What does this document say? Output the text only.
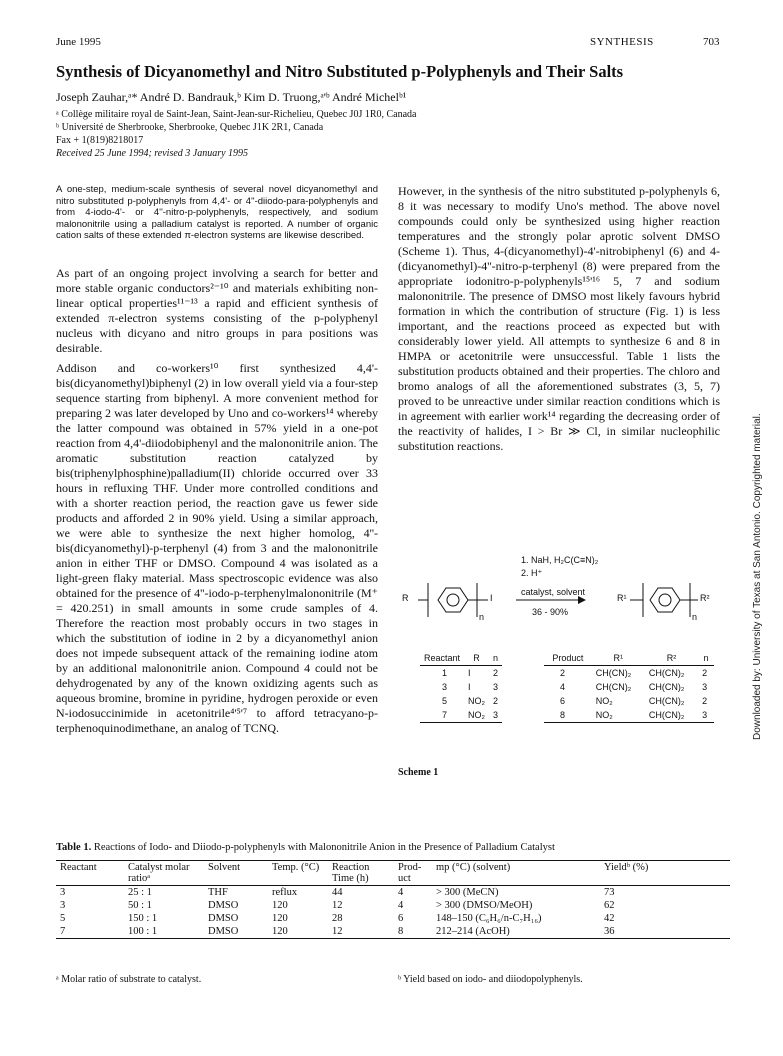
June 1995	SYNTHESIS	703
Synthesis of Dicyanomethyl and Nitro Substituted p-Polyphenyls and Their Salts
Joseph Zauhar,ᵃ* André D. Bandrauk,ᵇ Kim D. Truong,ᵃ'ᵇ André Michelᵇ¹
ᵃ Collège militaire royal de Saint-Jean, Saint-Jean-sur-Richelieu, Quebec J0J 1R0, Canada
ᵇ Université de Sherbrooke, Sherbrooke, Quebec J1K 2R1, Canada
Fax + 1(819)8218017
Received 25 June 1994; revised 3 January 1995
A one-step, medium-scale synthesis of several novel dicyanomethyl and nitro substituted p-polyphenyls from 4,4'- or 4''-diiodo-para-polyphenyls and from 4-iodo-4'- or 4''-nitro-p-polyphenyls, respectively, and sodium malononitrile using a palladium catalyst is reported. A number of organic cation salts of these extended π-electron systems are likewise described.

As part of an ongoing project involving a search for better and more stable organic conductors²⁻¹⁰ and materials exhibiting non-linear optical properties¹¹⁻¹³ a rapid and efficient synthesis of extended π-electron systems consisting of the p-polyphenyl nucleus with dicyano and nitro groups in para positions was desirable.

Addison and co-workers¹⁰ first synthesized 4,4'-bis(dicyanomethyl)biphenyl (2) in low overall yield via a four-step sequence starting from biphenyl. A more convenient method for preparing 2 was later developed by Uno and co-workers¹⁴ whereby the latter compound was obtained in 57% yield in a one-pot reaction from 4,4'-diiodobiphenyl and the malononitrile anion. The aromatic substitution reaction catalyzed by bis(triphenylphosphine)palladium(II) chloride occurred over 33 hours in refluxing THF. Under more controlled conditions and with a shorter reaction period, the reaction gave us fewer side products and afforded 2 in 90% yield. Using a similar approach, we were able to synthesize the next higher homolog, 4''-bis(dicyanomethyl)-p-terphenyl (4) from 3 and the malononitrile anion in either THF or DMSO. Compound 4 was isolated as a light-green flaky material. Mass spectroscopic evidence was also obtained for the presence of 4''-iodo-p-terphenylmalononitrile (M⁺ = 420.251) in small amounts in some crude samples of 4. Therefore the reaction most probably occurs in two stages in which the substitution of iodine in 2 by a dicyanomethyl anion does not impede subsequent attack of the remaining iodine atom by an additional malononitrile anion. Compound 4 could not be dehydrogenated by any of the known oxidizing agents such as aqueous bromine, bromine in pyridine, hydrogen peroxide or even N-iodosuccinimide in acetonitrile⁴'⁵'⁷ to afford tetracyano-p-terphenoquinodimethane, an analog of TCNQ.

However, in the synthesis of the nitro substituted p-polyphenyls 6, 8 it was necessary to modify Uno's method. The above novel compounds could only be synthesized using higher reaction temperatures and the strongly polar aprotic solvent DMSO (Scheme 1). Thus, 4-(dicyanomethyl)-4'-nitrobiphenyl (6) and 4-(dicyanomethyl)-4''-nitro-p-terphenyl (8) were prepared from the appropriate iodonitro-p-polyphenyls¹⁵'¹⁶ 5, 7 and sodium malononitrile. The presence of DMSO most likely favours hybrid formation in which the contribution of structure (Fig. 1) is less important, and the reactions proceed as expected but with considerably lower yield. All attempts to synthesize 6 and 8 in HMPA or acetonitrile were unsuccessful. Table 1 lists the substitution products obtained and their properties. The chloro and bromo analogs of all the aforementioned substrates (3, 5, 7) proved to be unreactive under similar reaction conditions which is in agreement with earlier work¹⁴ regarding the decreasing order of the reactivity of halides, I > Br ≫ Cl, in similar nucleophilic substitution reactions.

R	I
n
R¹	R²
n
1. NaH, H₂C(C≡N)₂
2. H⁺
catalyst, solvent
36 - 90%
Reactant	R	n
1	I	2
3	I	3
5	NO₂	2
7	NO₂	3
Product	R¹	R²	n
2	CH(CN)₂	CH(CN)₂	2
4	CH(CN)₂	CH(CN)₂	3
6	NO₂	CH(CN)₂	2
8	NO₂	CH(CN)₂	3
Scheme 1
Table 1. Reactions of Iodo- and Diiodo-p-polyphenyls with Malononitrile Anion in the Presence of Palladium Catalyst
Reactant	Catalyst molar ratioᵃ	Solvent	Temp. (°C)	Reaction Time (h)	Prod-uct	mp (°C) (solvent)	Yieldᵇ (%)
3	25 : 1	THF	reflux	44	4	> 300 (MeCN)	73
3	50 : 1	DMSO	120	12	4	> 300 (DMSO/MeOH)	62
5	150 : 1	DMSO	120	28	6	148–150 (C₆H₆/n-C₇H₁₆)	42
7	100 : 1	DMSO	120	12	8	212–214 (AcOH)	36
ᵃ Molar ratio of substrate to catalyst.	ᵇ Yield based on iodo- and diiodopolyphenyls.
Downloaded by: University of Texas at San Antonio. Copyrighted material.
